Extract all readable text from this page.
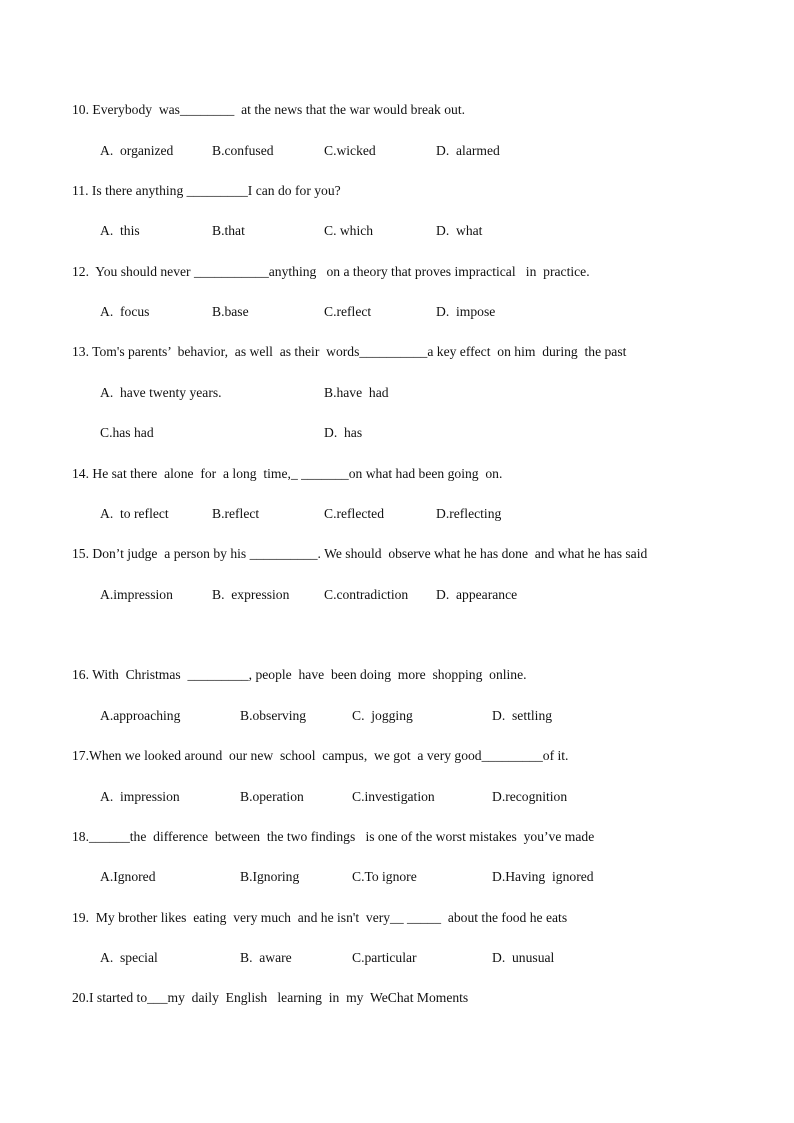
10. Everybody  was________  at the news that the war would break out.
A.  organized	B.confused	C.wicked	D.  alarmed
11. Is there anything _________I can do for you?
A.  this	B.that	C. which	D.  what
12.  You should never ___________anything   on a theory that proves impractical   in  practice.
A.  focus	B.base	C.reflect	D.  impose
13. Tom's parents’  behavior,  as well  as their  words__________a key effect  on him  during  the past
A.  have twenty years.	B.have  had
C.has had	D.  has
14. He sat there  alone  for  a long  time,_ _______on what had been going  on.
A.  to reflect	B.reflect	C.reflected	D.reflecting
15. Don’t judge  a person by his __________. We should  observe what he has done  and what he has said
A.impression	B.  expression	C.contradiction D.  appearance
16. With  Christmas  _________, people  have  been doing  more  shopping  online.
A.approaching	B.observing	C.  jogging	D.  settling
17.When we looked around  our new  school  campus,  we got  a very good_________of it.
A.  impression	B.operation	C.investigation	D.recognition
18.______the  difference  between  the two findings   is one of the worst mistakes  you’ve made
A.Ignored	B.Ignoring	C.To ignore	D.Having  ignored
19.  My brother likes  eating  very much  and he isn't  very__ _____  about the food he eats
A.  special	B.  aware	C.particular	D.  unusual
20.I started to___my  daily  English   learning  in  my  WeChat Moments
